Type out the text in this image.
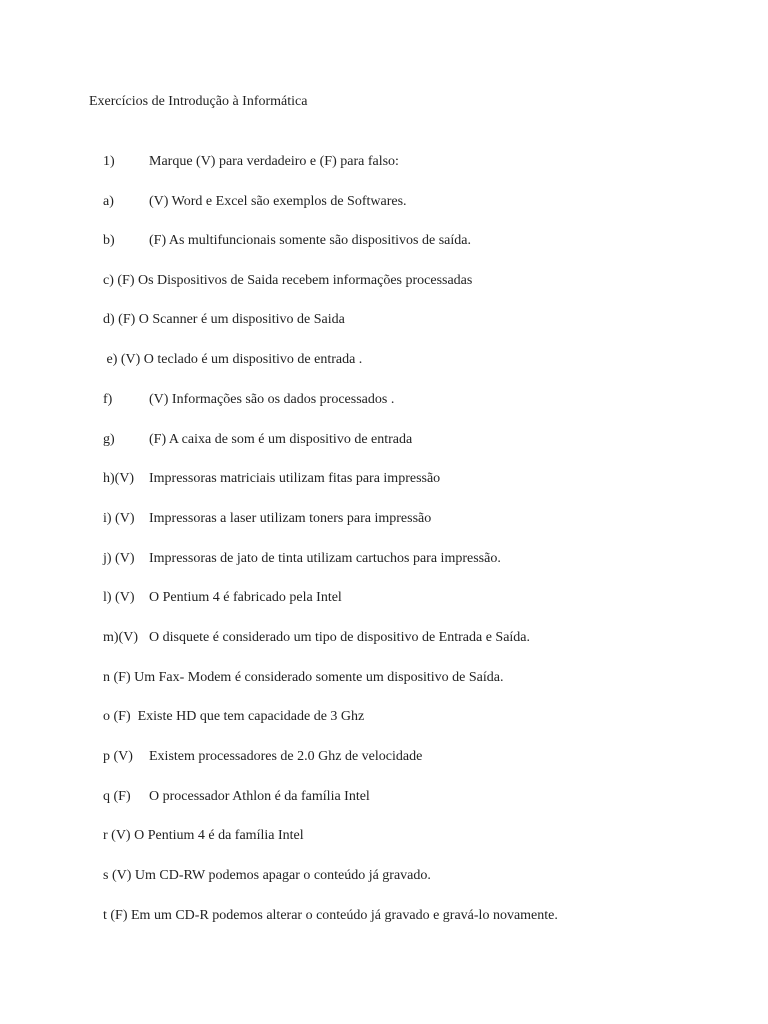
Exercícios de Introdução à Informática

1) Marque (V) para verdadeiro e (F) para falso:

a)	(V) Word e Excel são exemplos de Softwares.

b) (F) As multifuncionais somente são dispositivos de saída.

c) (F) Os Dispositivos de Saida recebem informações processadas

d) (F) O Scanner é um dispositivo de Saida

e) (V) O teclado é um dispositivo de entrada .

f)	(V) Informações são os dados processados .

g) (F) A caixa de som é um dispositivo de entrada

h)(V) Impressoras matriciais utilizam fitas para impressão

i) (V) Impressoras a laser utilizam toners para impressão

j) (V) Impressoras de jato de tinta utilizam cartuchos para impressão.

l) (V) O Pentium 4 é fabricado pela Intel

m)(V) O disquete é considerado um tipo de dispositivo de Entrada e Saída.

n (F) Um Fax- Modem é considerado somente um dispositivo de Saída.

o (F)  Existe HD que tem capacidade de 3 Ghz

p (V) Existem processadores de 2.0 Ghz de velocidade

q (F) O processador Athlon é da família Intel

r (V) O Pentium 4 é da família Intel

s (V) Um CD-RW podemos apagar o conteúdo já gravado.

t (F) Em um CD-R podemos alterar o conteúdo já gravado e gravá-lo novamente.
